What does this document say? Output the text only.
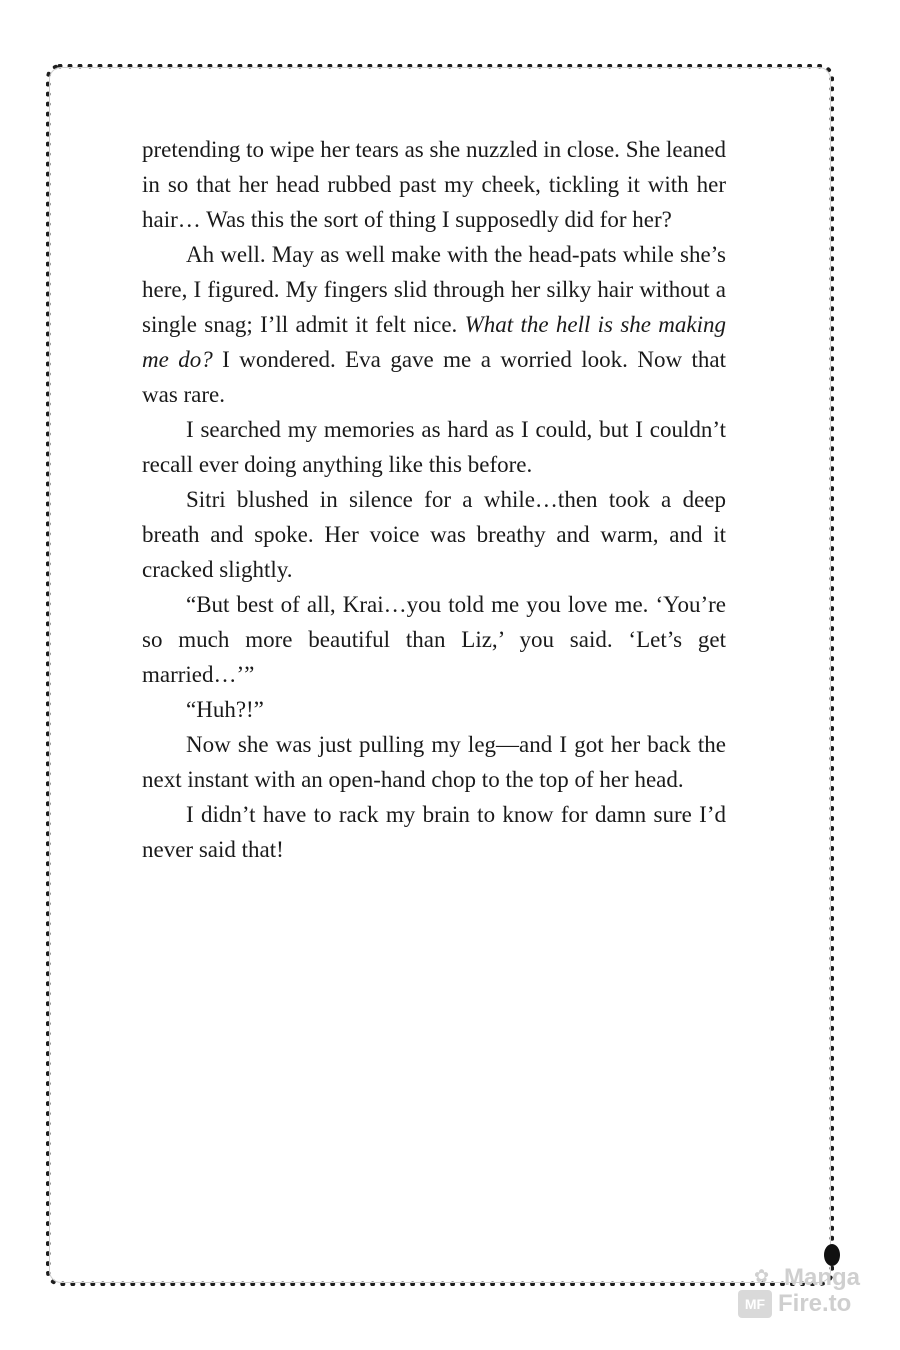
pretending to wipe her tears as she nuzzled in close. She leaned in so that her head rubbed past my cheek, tickling it with her hair… Was this the sort of thing I supposedly did for her?

Ah well. May as well make with the head-pats while she’s here, I figured. My fingers slid through her silky hair without a single snag; I’ll admit it felt nice. What the hell is she making me do? I wondered. Eva gave me a worried look. Now that was rare.

I searched my memories as hard as I could, but I couldn’t recall ever doing anything like this before.

Sitri blushed in silence for a while…then took a deep breath and spoke. Her voice was breathy and warm, and it cracked slightly.

“But best of all, Krai…you told me you love me. ‘You’re so much more beautiful than Liz,’ you said. ‘Let’s get married…’”

“Huh?!”

Now she was just pulling my leg—and I got her back the next instant with an open-hand chop to the top of her head.

I didn’t have to rack my brain to know for damn sure I’d never said that!

✿
MF
Manga
Fire.to
